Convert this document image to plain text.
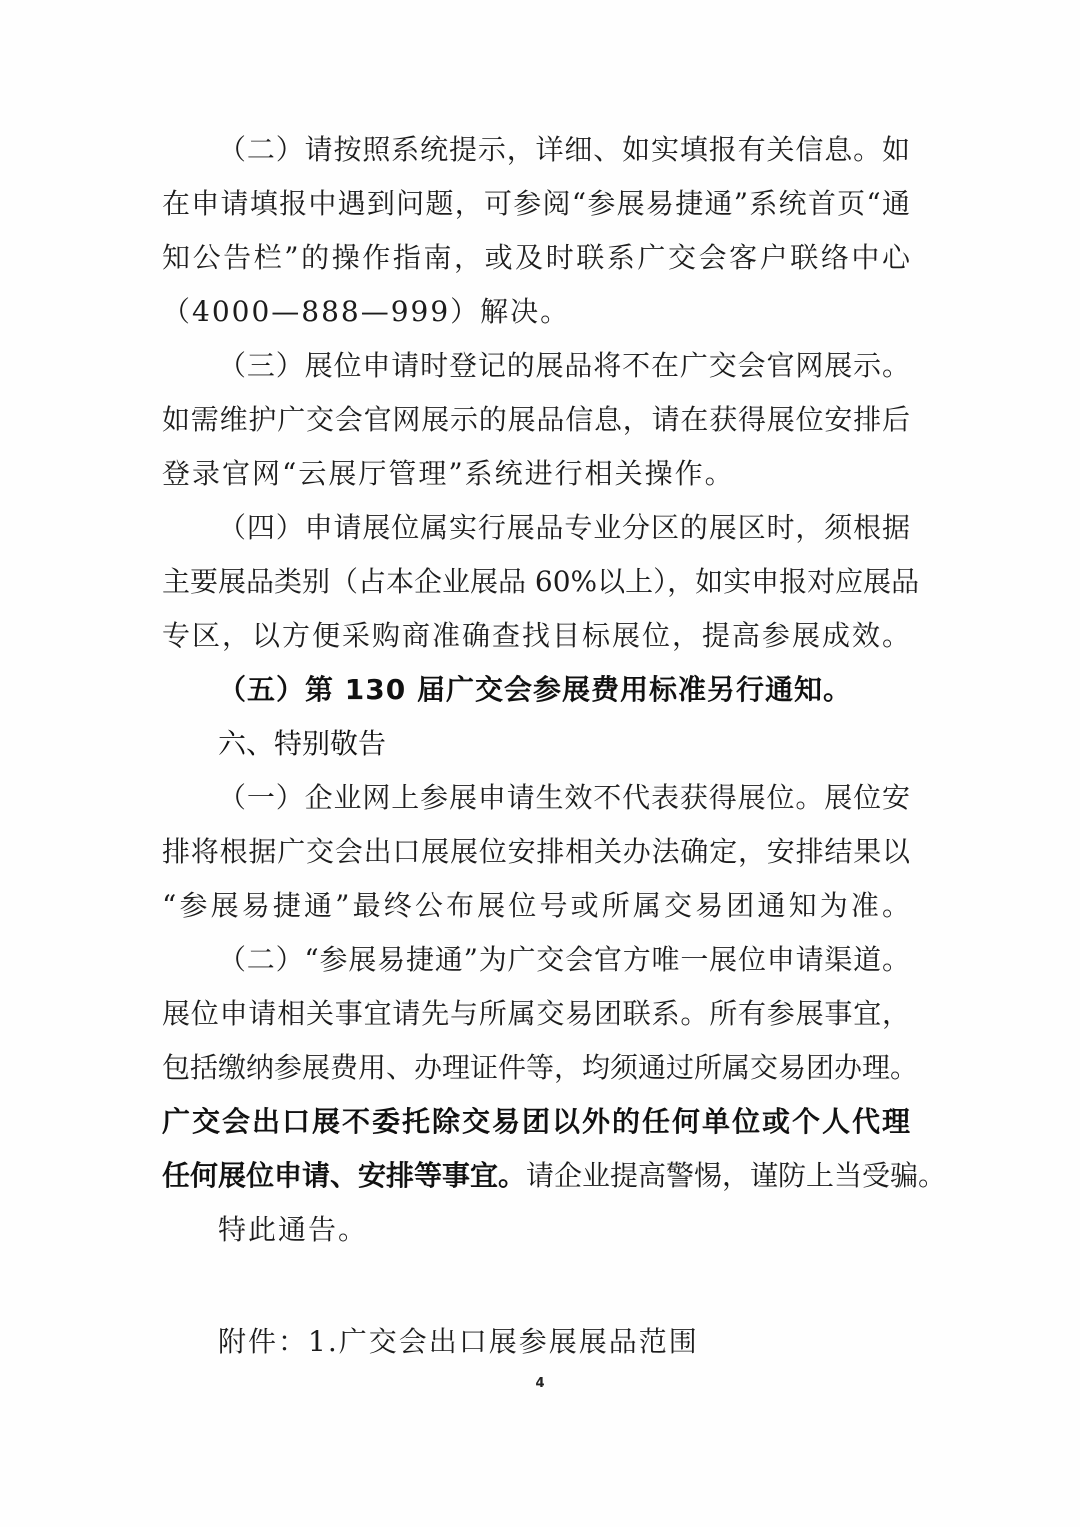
（二）请按照系统提示，详细、如实填报有关信息。如
在申请填报中遇到问题，可参阅“参展易捷通”系统首页“通
知公告栏”的操作指南，或及时联系广交会客户联络中心
（4000—888—999）解决。
（三）展位申请时登记的展品将不在广交会官网展示。
如需维护广交会官网展示的展品信息，请在获得展位安排后
登录官网“云展厅管理”系统进行相关操作。
（四）申请展位属实行展品专业分区的展区时，须根据
主要展品类别（占本企业展品 60%以上），如实申报对应展品
专区，以方便采购商准确查找目标展位，提高参展成效。
（五）第 130 届广交会参展费用标准另行通知。
六、特别敬告
（一）企业网上参展申请生效不代表获得展位。展位安
排将根据广交会出口展展位安排相关办法确定，安排结果以
“参展易捷通”最终公布展位号或所属交易团通知为准。
（二）“参展易捷通”为广交会官方唯一展位申请渠道。
展位申请相关事宜请先与所属交易团联系。所有参展事宜，
包括缴纳参展费用、办理证件等，均须通过所属交易团办理。
广交会出口展不委托除交易团以外的任何单位或个人代理
任何展位申请、安排等事宜。请企业提高警惕，谨防上当受骗。
特此通告。
附件：1.广交会出口展参展展品范围
4
